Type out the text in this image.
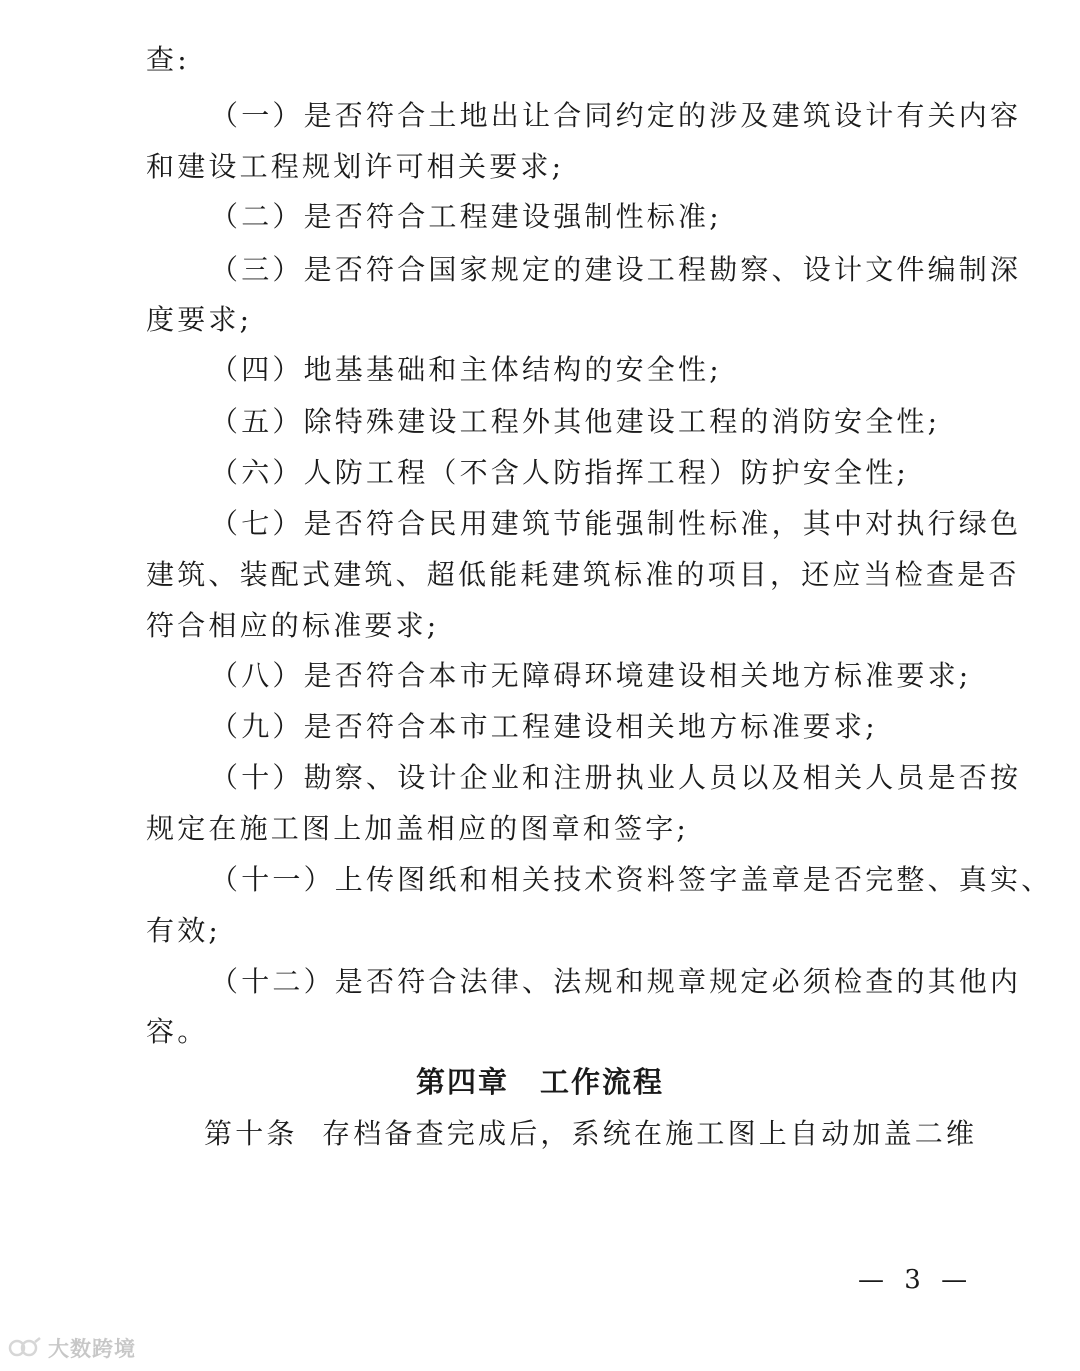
查:
（一）是否符合土地出让合同约定的涉及建筑设计有关内容
和建设工程规划许可相关要求;
（二）是否符合工程建设强制性标准;
（三）是否符合国家规定的建设工程勘察、设计文件编制深
度要求;
（四）地基基础和主体结构的安全性;
（五）除特殊建设工程外其他建设工程的消防安全性;
（六）人防工程（不含人防指挥工程）防护安全性;
（七）是否符合民用建筑节能强制性标准，其中对执行绿色
建筑、装配式建筑、超低能耗建筑标准的项目，还应当检查是否
符合相应的标准要求;
（八）是否符合本市无障碍环境建设相关地方标准要求;
（九）是否符合本市工程建设相关地方标准要求;
（十）勘察、设计企业和注册执业人员以及相关人员是否按
规定在施工图上加盖相应的图章和签字;
（十一）上传图纸和相关技术资料签字盖章是否完整、真实、
有效;
（十二）是否符合法律、法规和规章规定必须检查的其他内
容。
第四章　工作流程
第十条 存档备查完成后，系统在施工图上自动加盖二维
— 3 —
大数跨境
